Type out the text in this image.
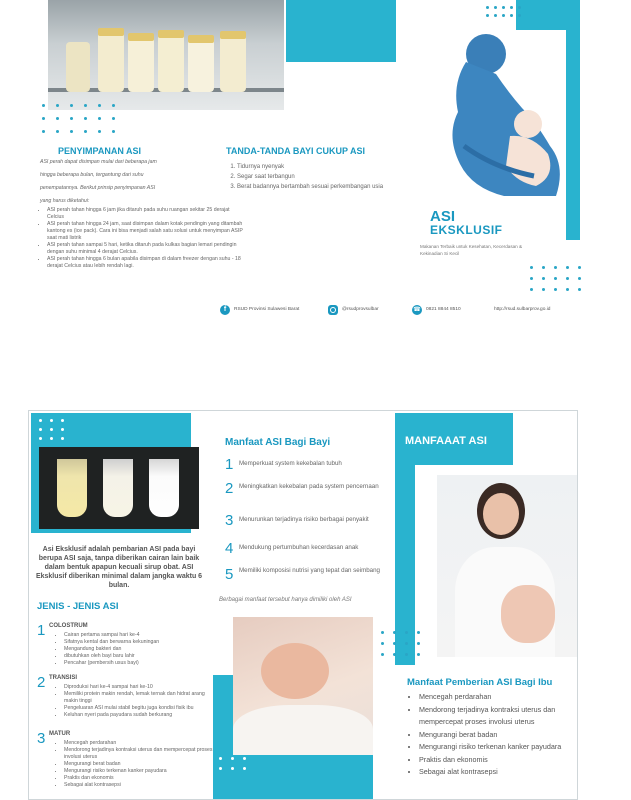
PENYIMPANAN ASI
ASI perah dapat disimpan mulai dari beberapa jam
hingga beberapa bulan, tergantung dari suhu
penempatannya. Berikut prinsip penyimpanan ASI
yang harus diketahui:
• ASI perah tahan hingga 6 jam jika ditaruh pada suhu ruangan sekitar 25 derajat Celcius
• ASI perah tahan hingga 24 jam, saat disimpan dalam kotak pendingin yang ditambah kantong es (ice pack). Cara ini bisa menjadi salah satu solusi untuk menyimpan ASIP saat mati listrik
• ASI perah tahan sampai 5 hari, ketika ditaruh pada kulkas bagian lemari pendingin dengan suhu minimal 4 derajat Celcius.
• ASI perah tahan hingga 6 bulan apabila disimpan di dalam freezer dengan suhu - 18 derajat Celcius atau lebih rendah lagi.
TANDA-TANDA BAYI CUKUP ASI
1. Tidurnya nyenyak
2. Segar saat terbangun
3. Berat badannya bertambah sesuai perkembangan usia
ASI
EKSKLUSIF
Makanan Terbaik untuk Kesehatan, Kecerdasan & Kekinadian Si Kecil
f	RSUD Provinsi Sulawesi Barat	@rsudprovsulbar	☎ 0821 8844 8510	http://rsud.sulbarprov.go.id
Asi Eksklusif adalah pembarian ASI pada bayi berupa ASI saja, tanpa diberikan cairan lain baik dalam bentuk apapun kecuali sirup obat. ASI Eksklusif diberikan minimal dalam jangka waktu 6 bulan.
JENIS - JENIS ASI
1 COLOSTRUM
• Cairan pertama sampai hari ke-4
• Sifatnya kental dan berwarna kekuningan
• Mengandung bakteri dan
• dibutuhkan oleh bayi baru lahir
• Pencahar (pembersih usus bayi)
2 TRANSISI
• Diproduksi hari ke-4 sampai hari ke-10
• Memiliki protein makin rendah, lemak ternak dan hidrat arang makin tinggi
• Pengeluaran ASI mulai stabil begitu juga kondisi fisik ibu
• Keluhan nyeri pada payudara sudah berkurang
3 MATUR
• Mencegah perdarahan
• Mendorong terjadinya kontraksi uterus dan mempercepat proses involusi uterus
• Mengurangi berat badan
• Mengurangi risiko terkenan kanker payudara
• Praktis dan ekonomis
• Sebagai alat kontrasepsi
Manfaat ASI Bagi Bayi
1 Memperkuat system kekebalan tubuh
2 Meningkatkan kekebalan pada system pencernaan
3 Menurunkan terjadinya risiko berbagai penyakit
4 Mendukung pertumbuhan kecerdasan anak
5 Memiliki komposisi nutrisi yang tepat dan seimbang
Berbagai manfaat tersebut hanya dimiliki oleh ASI
MANFAAAT ASI
Manfaat Pemberian ASI Bagi Ibu
• Mencegah perdarahan
• Mendorong terjadinya kontraksi uterus dan mempercepat proses involusi uterus
• Mengurangi berat badan
• Mengurangi risiko terkenan kanker payudara
• Praktis dan ekonomis
• Sebagai alat kontrasepsi
